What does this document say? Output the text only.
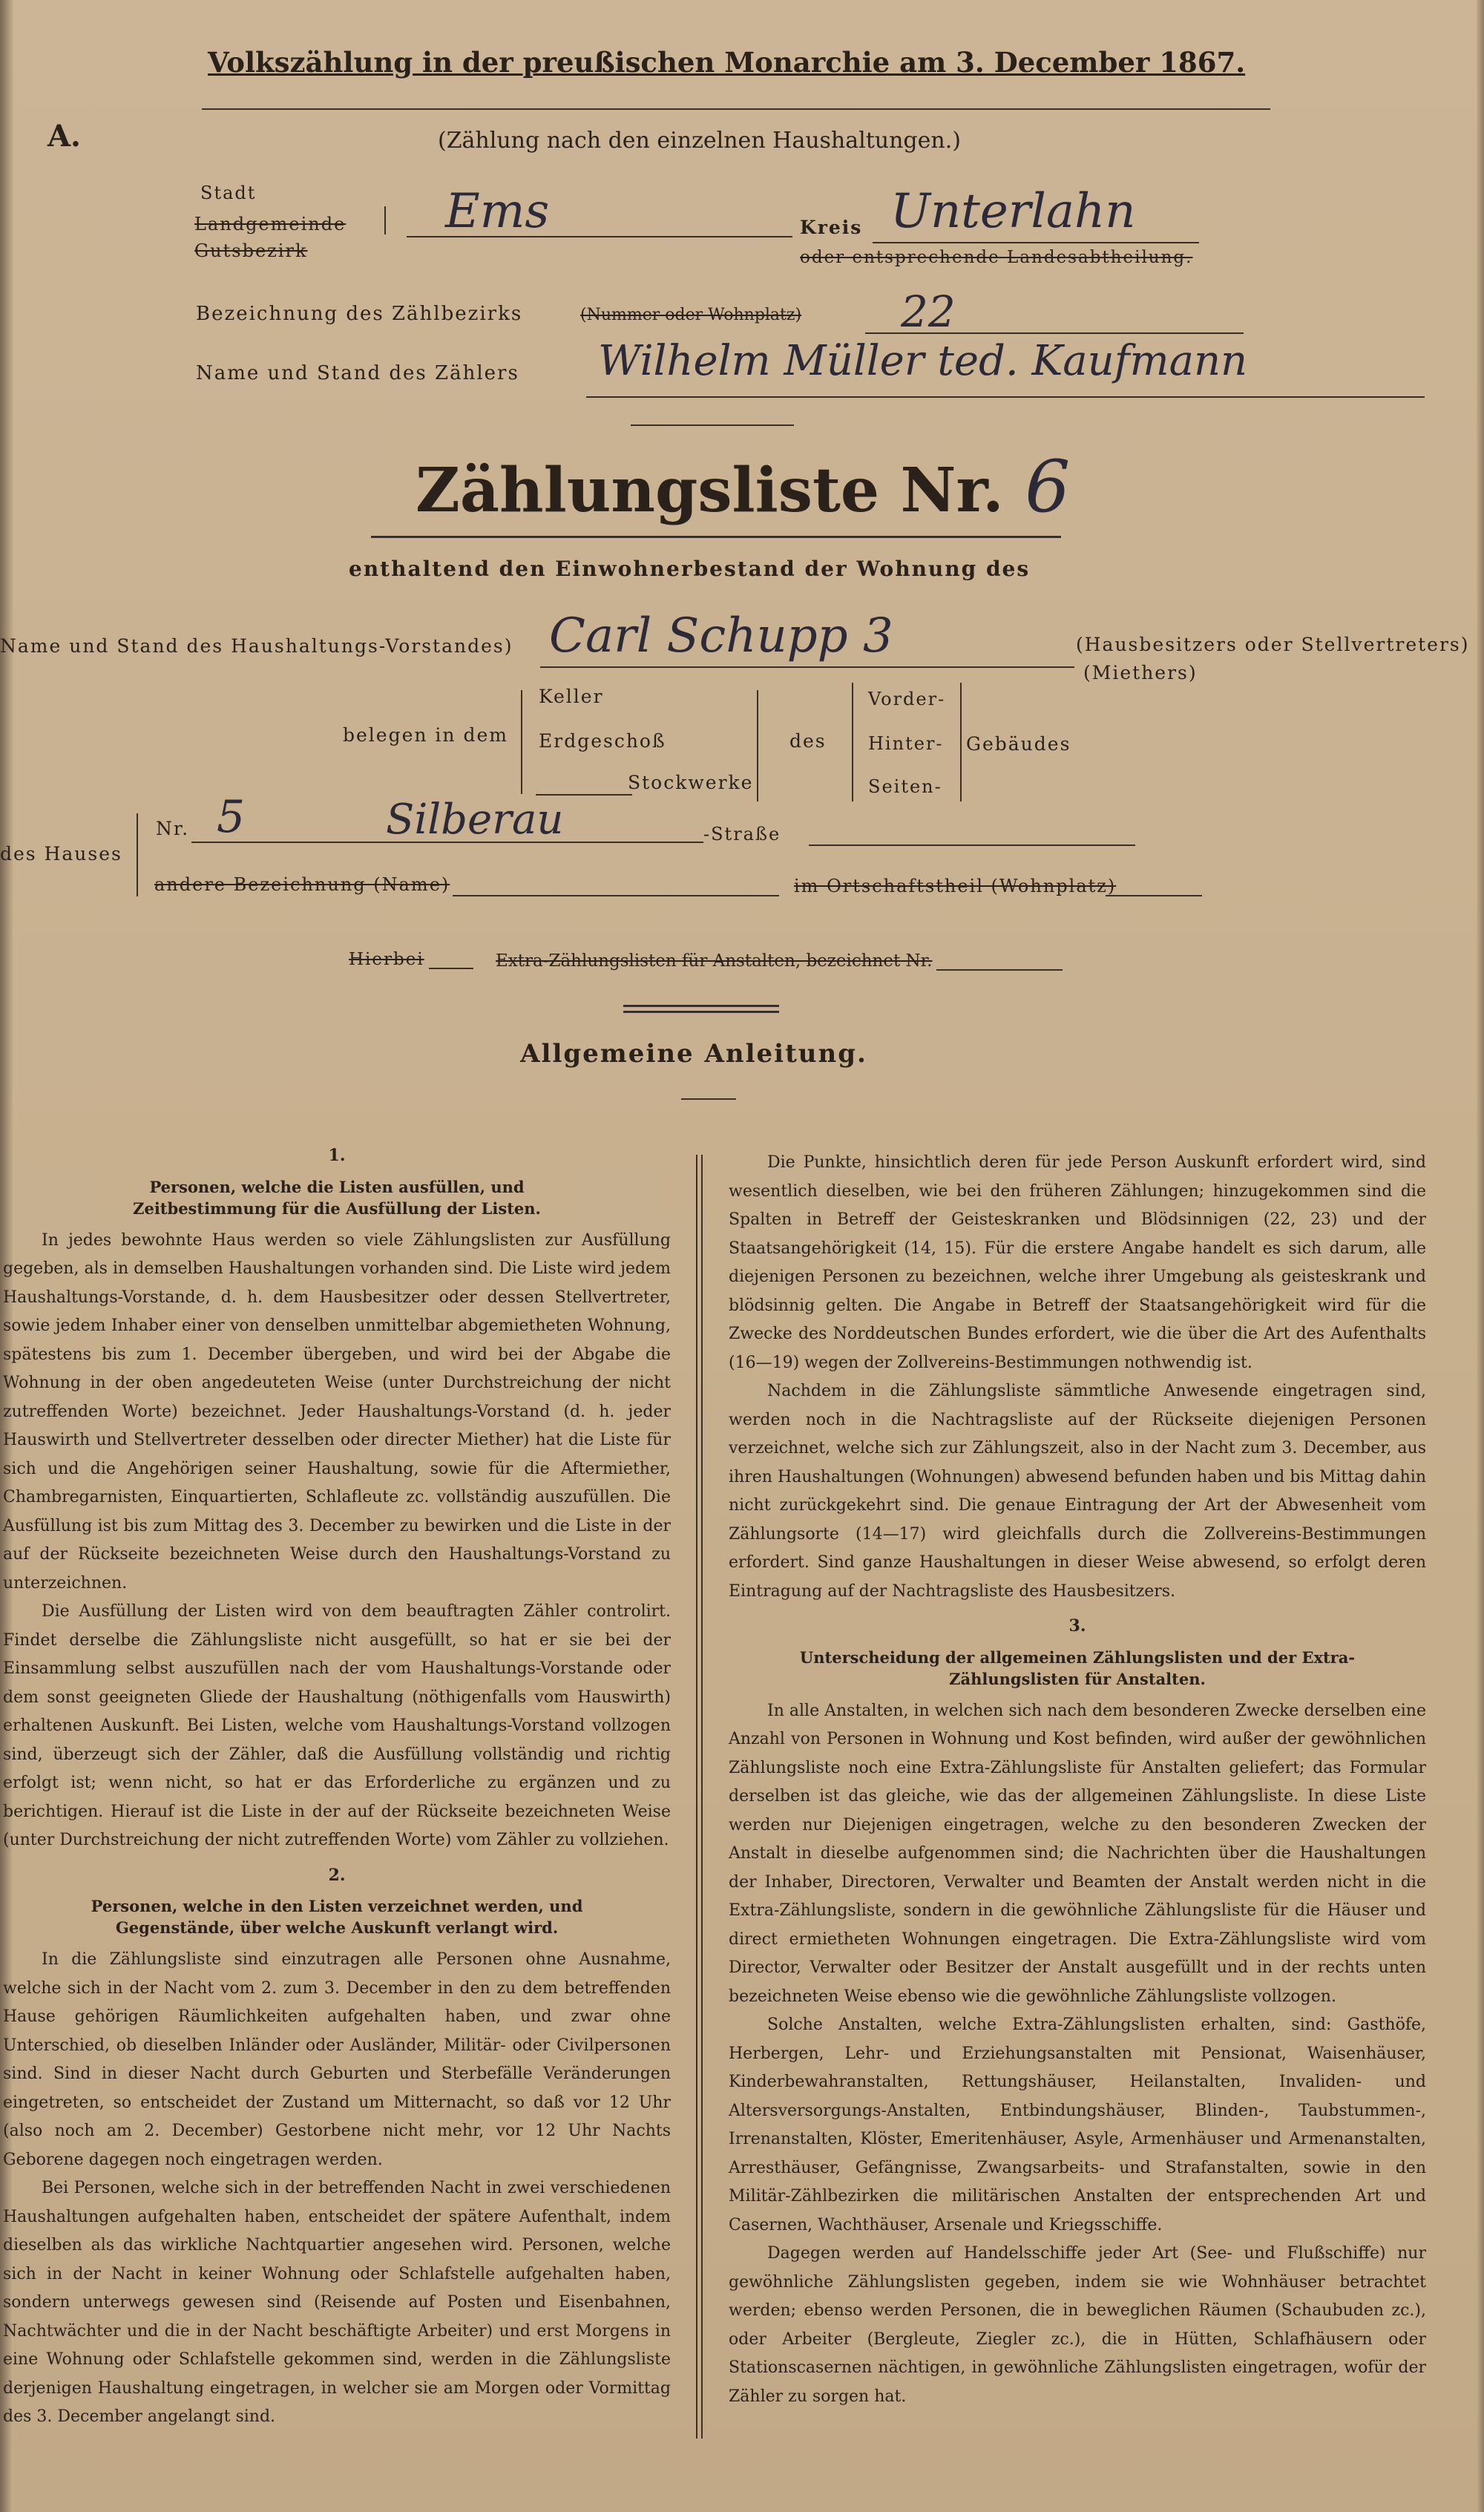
Volkszählung in der preußischen Monarchie am 3. December 1867.
A.	(Zählung nach den einzelnen Haushaltungen.)
Stadt
Landgemeinde
Gutsbezirk
Ems	Kreis Unterlahn
oder entsprechende Landesabtheilung.
Bezeichnung des Zählbezirks	(Nummer oder Wohnplatz) 22
Name und Stand des Zählers Wilhelm Müller ted. Kaufmann
Zählungsliste Nr. 6
enthaltend den Einwohnerbestand der Wohnung des
Name und Stand des Haushaltungs-Vorstandes) Carl Schupp 3	(Hausbesitzers oder Stellvertreters)
(Miethers)
belegen in dem
Keller
Erdgeschoß
Stockwerke
des
Vorder-
Hinter-
Seiten-
Gebäudes
des Hauses
Nr. 5	Silberau	-Straße
andere Bezeichnung (Name)	im Ortschaftstheil (Wohnplatz)
Hierbei	Extra-Zählungslisten für Anstalten, bezeichnet Nr.
Allgemeine Anleitung.
1.
Personen, welche die Listen ausfüllen, und Zeitbestimmung für die Ausfüllung der Listen.

In jedes bewohnte Haus werden so viele Zählungslisten zur Ausfüllung gegeben, als in demselben Haushaltungen vorhanden sind. Die Liste wird jedem Haushaltungs-Vorstande, d. h. dem Hausbesitzer oder dessen Stellvertreter, sowie jedem Inhaber einer von denselben unmittelbar abgemietheten Wohnung, spätestens bis zum 1. December übergeben, und wird bei der Abgabe die Wohnung in der oben angedeuteten Weise (unter Durchstreichung der nicht zutreffenden Worte) bezeichnet. Jeder Haushaltungs-Vorstand (d. h. jeder Hauswirth und Stellvertreter desselben oder directer Miether) hat die Liste für sich und die Angehörigen seiner Haushaltung, sowie für die Aftermiether, Chambregarnisten, Einquartierten, Schlafleute zc. vollständig auszufüllen. Die Ausfüllung ist bis zum Mittag des 3. December zu bewirken und die Liste in der auf der Rückseite bezeichneten Weise durch den Haushaltungs-Vorstand zu unterzeichnen.

Die Ausfüllung der Listen wird von dem beauftragten Zähler controlirt. Findet derselbe die Zählungsliste nicht ausgefüllt, so hat er sie bei der Einsammlung selbst auszufüllen nach der vom Haushaltungs-Vorstande oder dem sonst geeigneten Gliede der Haushaltung (nöthigenfalls vom Hauswirth) erhaltenen Auskunft. Bei Listen, welche vom Haushaltungs-Vorstand vollzogen sind, überzeugt sich der Zähler, daß die Ausfüllung vollständig und richtig erfolgt ist; wenn nicht, so hat er das Erforderliche zu ergänzen und zu berichtigen. Hierauf ist die Liste in der auf der Rückseite bezeichneten Weise (unter Durchstreichung der nicht zutreffenden Worte) vom Zähler zu vollziehen.

2.
Personen, welche in den Listen verzeichnet werden, und Gegenstände, über welche Auskunft verlangt wird.

In die Zählungsliste sind einzutragen alle Personen ohne Ausnahme, welche sich in der Nacht vom 2. zum 3. December in den zu dem betreffenden Hause gehörigen Räumlichkeiten aufgehalten haben, und zwar ohne Unterschied, ob dieselben Inländer oder Ausländer, Militär- oder Civilpersonen sind. Sind in dieser Nacht durch Geburten und Sterbefälle Veränderungen eingetreten, so entscheidet der Zustand um Mitternacht, so daß vor 12 Uhr (also noch am 2. December) Gestorbene nicht mehr, vor 12 Uhr Nachts Geborene dagegen noch eingetragen werden.

Bei Personen, welche sich in der betreffenden Nacht in zwei verschiedenen Haushaltungen aufgehalten haben, entscheidet der spätere Aufenthalt, indem dieselben als das wirkliche Nachtquartier angesehen wird. Personen, welche sich in der Nacht in keiner Wohnung oder Schlafstelle aufgehalten haben, sondern unterwegs gewesen sind (Reisende auf Posten und Eisenbahnen, Nachtwächter und die in der Nacht beschäftigte Arbeiter) und erst Morgens in eine Wohnung oder Schlafstelle gekommen sind, werden in die Zählungsliste derjenigen Haushaltung eingetragen, in welcher sie am Morgen oder Vormittag des 3. December angelangt sind.

Die Punkte, hinsichtlich deren für jede Person Auskunft erfordert wird, sind wesentlich dieselben, wie bei den früheren Zählungen; hinzugekommen sind die Spalten in Betreff der Geisteskranken und Blödsinnigen (22, 23) und der Staatsangehörigkeit (14, 15). Für die erstere Angabe handelt es sich darum, alle diejenigen Personen zu bezeichnen, welche ihrer Umgebung als geisteskrank und blödsinnig gelten. Die Angabe in Betreff der Staatsangehörigkeit wird für die Zwecke des Norddeutschen Bundes erfordert, wie die über die Art des Aufenthalts (16—19) wegen der Zollvereins-Bestimmungen nothwendig ist.

Nachdem in die Zählungsliste sämmtliche Anwesende eingetragen sind, werden noch in die Nachtragsliste auf der Rückseite diejenigen Personen verzeichnet, welche sich zur Zählungszeit, also in der Nacht zum 3. December, aus ihren Haushaltungen (Wohnungen) abwesend befunden haben und bis Mittag dahin nicht zurückgekehrt sind. Die genaue Eintragung der Art der Abwesenheit vom Zählungsorte (14—17) wird gleichfalls durch die Zollvereins-Bestimmungen erfordert. Sind ganze Haushaltungen in dieser Weise abwesend, so erfolgt deren Eintragung auf der Nachtragsliste des Hausbesitzers.

3.
Unterscheidung der allgemeinen Zählungslisten und der Extra-Zählungslisten für Anstalten.

In alle Anstalten, in welchen sich nach dem besonderen Zwecke derselben eine Anzahl von Personen in Wohnung und Kost befinden, wird außer der gewöhnlichen Zählungsliste noch eine Extra-Zählungsliste für Anstalten geliefert; das Formular derselben ist das gleiche, wie das der allgemeinen Zählungsliste. In diese Liste werden nur Diejenigen eingetragen, welche zu den besonderen Zwecken der Anstalt in dieselbe aufgenommen sind; die Nachrichten über die Haushaltungen der Inhaber, Directoren, Verwalter und Beamten der Anstalt werden nicht in die Extra-Zählungsliste, sondern in die gewöhnliche Zählungsliste für die Häuser und direct ermietheten Wohnungen eingetragen. Die Extra-Zählungsliste wird vom Director, Verwalter oder Besitzer der Anstalt ausgefüllt und in der rechts unten bezeichneten Weise ebenso wie die gewöhnliche Zählungsliste vollzogen.

Solche Anstalten, welche Extra-Zählungslisten erhalten, sind: Gasthöfe, Herbergen, Lehr- und Erziehungsanstalten mit Pensionat, Waisenhäuser, Kinderbewahranstalten, Rettungshäuser, Heilanstalten, Invaliden- und Altersversorgungs-Anstalten, Entbindungshäuser, Blinden-, Taubstummen-, Irrenanstalten, Klöster, Emeritenhäuser, Asyle, Armenhäuser und Armenanstalten, Arresthäuser, Gefängnisse, Zwangsarbeits- und Strafanstalten, sowie in den Militär-Zählbezirken die militärischen Anstalten der entsprechenden Art und Casernen, Wachthäuser, Arsenale und Kriegsschiffe.

Dagegen werden auf Handelsschiffe jeder Art (See- und Flußschiffe) nur gewöhnliche Zählungslisten gegeben, indem sie wie Wohnhäuser betrachtet werden; ebenso werden Personen, die in beweglichen Räumen (Schaubuden zc.), oder Arbeiter (Bergleute, Ziegler zc.), die in Hütten, Schlafhäusern oder Stationscasernen nächtigen, in gewöhnliche Zählungslisten eingetragen, wofür der Zähler zu sorgen hat.
